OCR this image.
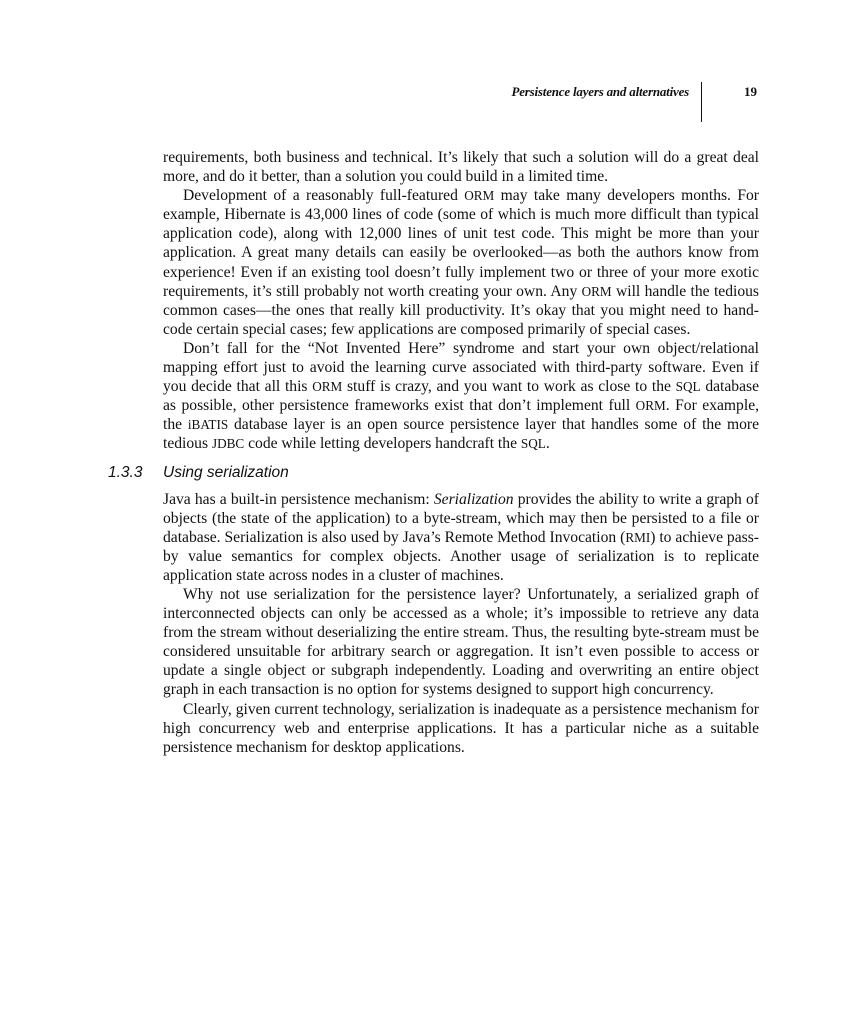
Persistence layers and alternatives	19

requirements, both business and technical. It’s likely that such a solution will do a great deal more, and do it better, than a solution you could build in a limited time.

Development of a reasonably full-featured ORM may take many developers months. For example, Hibernate is 43,000 lines of code (some of which is much more difficult than typical application code), along with 12,000 lines of unit test code. This might be more than your application. A great many details can easily be overlooked—as both the authors know from experience! Even if an existing tool doesn’t fully implement two or three of your more exotic requirements, it’s still probably not worth creating your own. Any ORM will handle the tedious common cases—the ones that really kill productivity. It’s okay that you might need to hand-code certain special cases; few applications are composed primarily of special cases.

Don’t fall for the “Not Invented Here” syndrome and start your own object/relational mapping effort just to avoid the learning curve associated with third-party software. Even if you decide that all this ORM stuff is crazy, and you want to work as close to the SQL database as possible, other persistence frameworks exist that don’t implement full ORM. For example, the iBATIS database layer is an open source persistence layer that handles some of the more tedious JDBC code while letting developers handcraft the SQL.

1.3.3 Using serialization

Java has a built-in persistence mechanism: Serialization provides the ability to write a graph of objects (the state of the application) to a byte-stream, which may then be persisted to a file or database. Serialization is also used by Java’s Remote Method Invocation (RMI) to achieve pass-by value semantics for complex objects. Another usage of serialization is to replicate application state across nodes in a cluster of machines.

Why not use serialization for the persistence layer? Unfortunately, a serialized graph of interconnected objects can only be accessed as a whole; it’s impossible to retrieve any data from the stream without deserializing the entire stream. Thus, the resulting byte-stream must be considered unsuitable for arbitrary search or aggregation. It isn’t even possible to access or update a single object or subgraph independently. Loading and overwriting an entire object graph in each transaction is no option for systems designed to support high concurrency.

Clearly, given current technology, serialization is inadequate as a persistence mechanism for high concurrency web and enterprise applications. It has a particular niche as a suitable persistence mechanism for desktop applications.
